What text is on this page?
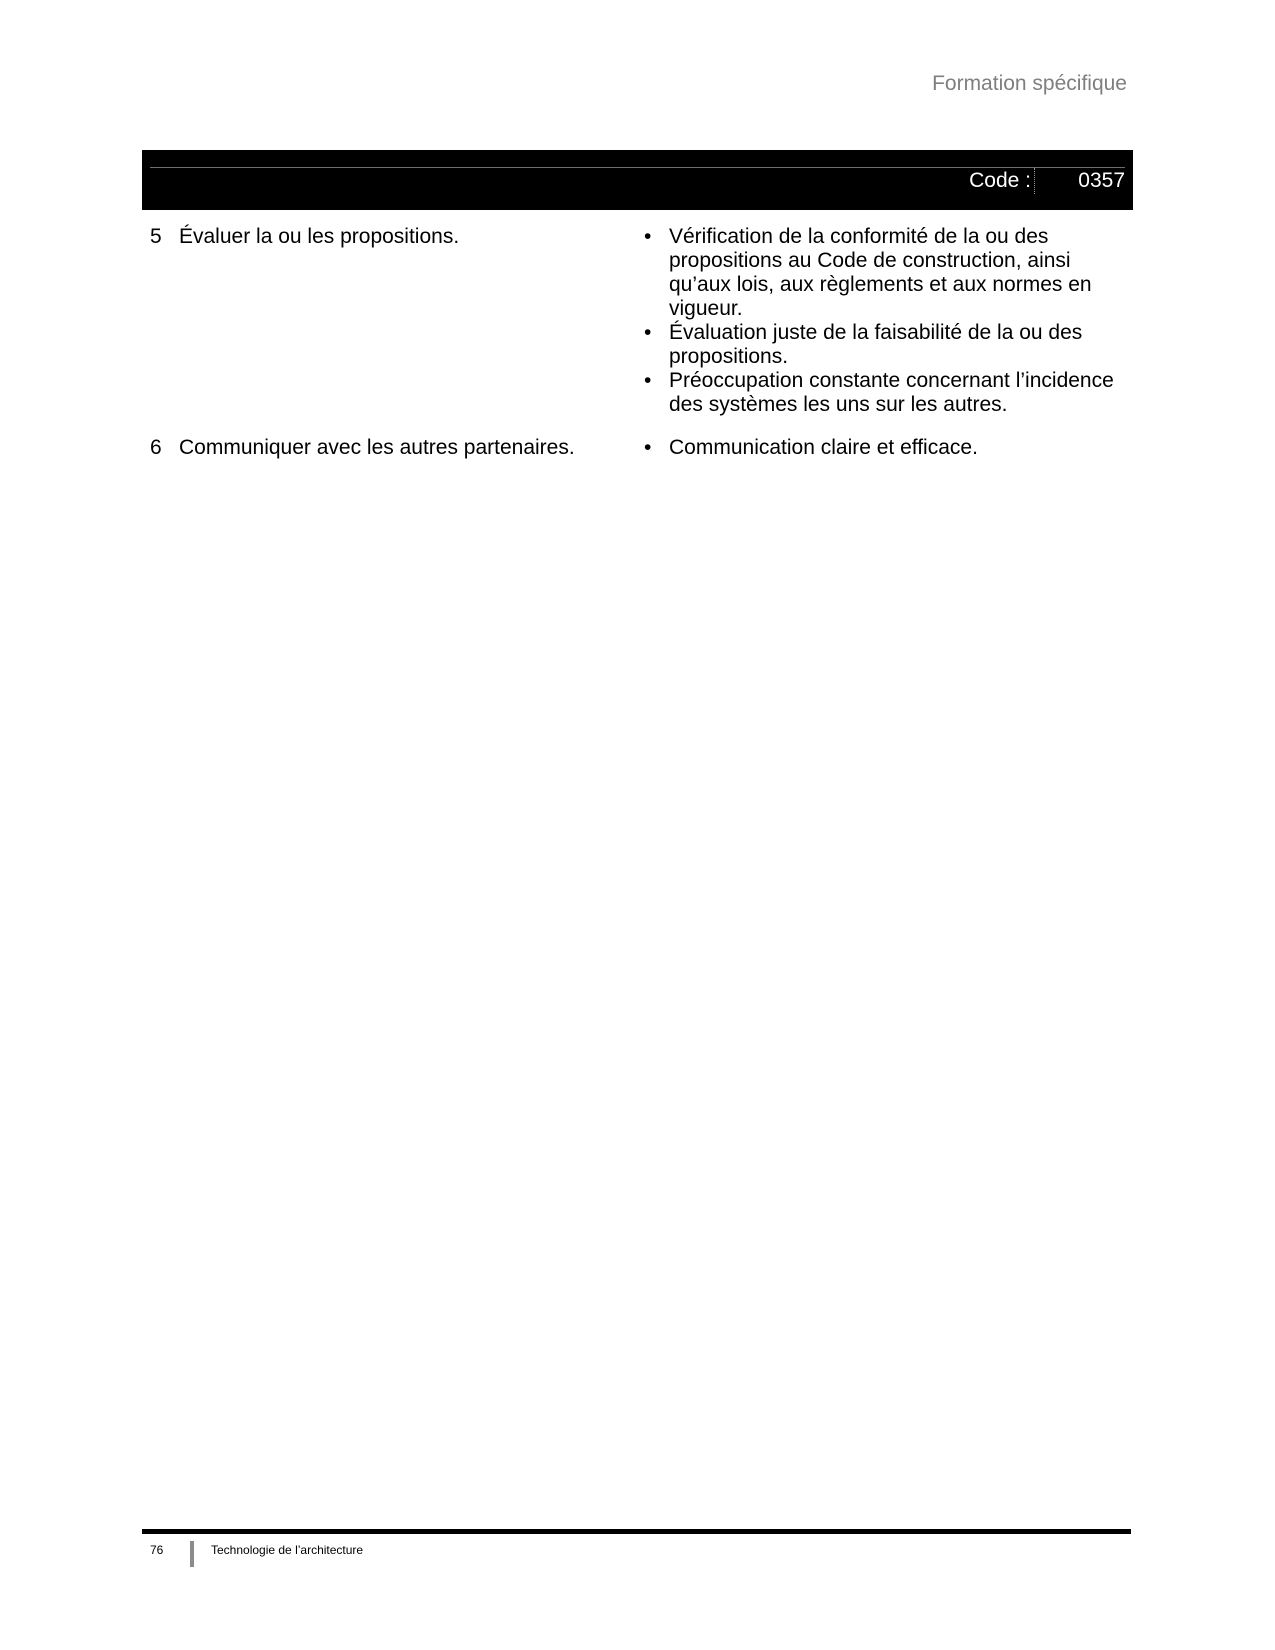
Formation spécifique
Code : 0357
5 Évaluer la ou les propositions.	• Vérification de la conformité de la ou des propositions au Code de construction, ainsi qu’aux lois, aux règlements et aux normes en vigueur.
• Évaluation juste de la faisabilité de la ou des propositions.
• Préoccupation constante concernant l’incidence des systèmes les uns sur les autres.
6 Communiquer avec les autres partenaires.	• Communication claire et efficace.
76	Technologie de l’architecture
